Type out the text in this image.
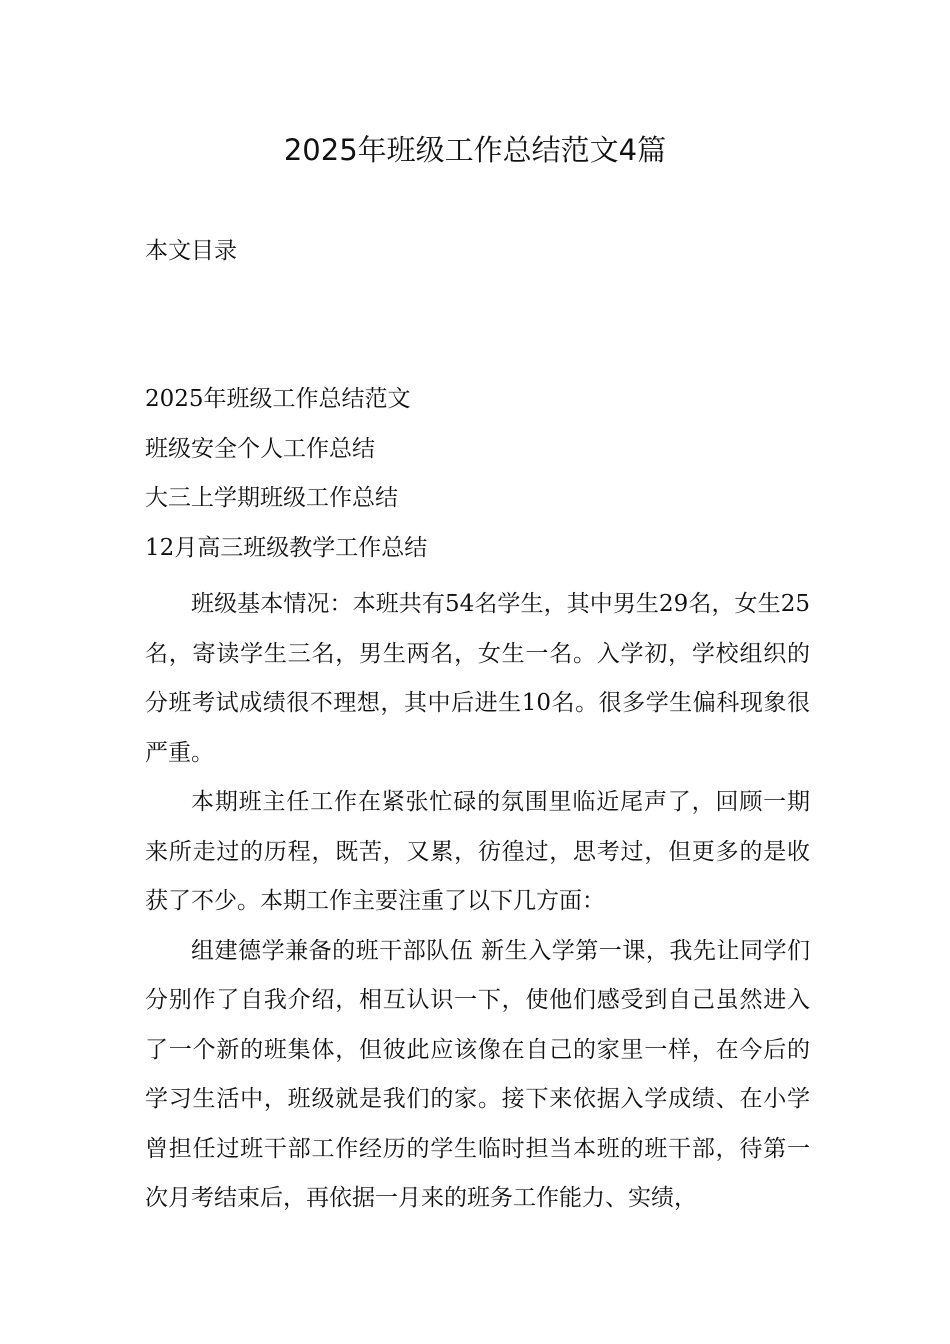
2025年班级工作总结范文4篇
本文目录
2025年班级工作总结范文
班级安全个人工作总结
大三上学期班级工作总结
12月高三班级教学工作总结

班级基本情况：本班共有54名学生，其中男生29名，女生25名，寄读学生三名，男生两名，女生一名。入学初，学校组织的分班考试成绩很不理想，其中后进生10名。很多学生偏科现象很严重。

本期班主任工作在紧张忙碌的氛围里临近尾声了，回顾一期来所走过的历程，既苦，又累，彷徨过，思考过，但更多的是收获了不少。本期工作主要注重了以下几方面：

组建德学兼备的班干部队伍 新生入学第一课，我先让同学们分别作了自我介绍，相互认识一下，使他们感受到自己虽然进入了一个新的班集体，但彼此应该像在自己的家里一样，在今后的学习生活中，班级就是我们的家。接下来依据入学成绩、在小学曾担任过班干部工作经历的学生临时担当本班的班干部，待第一次月考结束后，再依据一月来的班务工作能力、实绩，
